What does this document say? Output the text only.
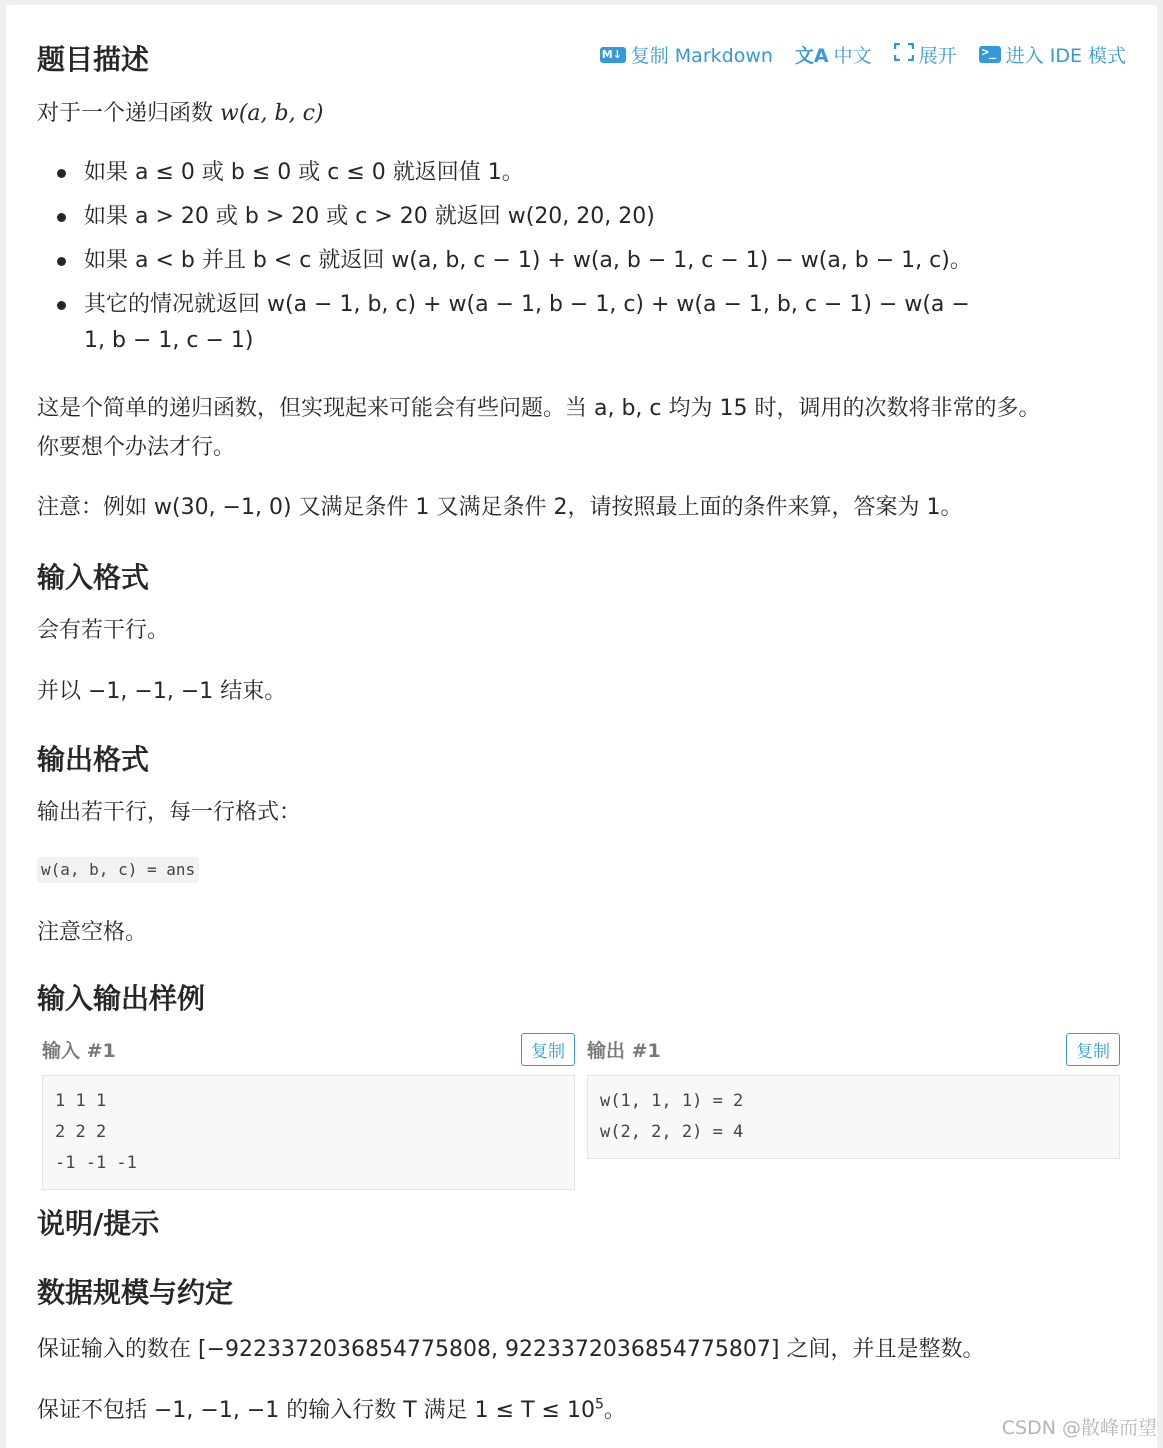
M↓ 复制 Markdown 文A 中文 展开 >_ 进入 IDE 模式
题目描述
对于一个递归函数 w(a, b, c)
如果 a ≤ 0 或 b ≤ 0 或 c ≤ 0 就返回值 1。
如果 a > 20 或 b > 20 或 c > 20 就返回 w(20, 20, 20)
如果 a < b 并且 b < c 就返回 w(a, b, c − 1) + w(a, b − 1, c − 1) − w(a, b − 1, c)。
其它的情况就返回 w(a − 1, b, c) + w(a − 1, b − 1, c) + w(a − 1, b, c − 1) − w(a −
1, b − 1, c − 1)
这是个简单的递归函数，但实现起来可能会有些问题。当 a, b, c 均为 15 时，调用的次数将非常的多。
你要想个办法才行。
注意：例如 w(30, −1, 0) 又满足条件 1 又满足条件 2，请按照最上面的条件来算，答案为 1。
输入格式
会有若干行。
并以 −1, −1, −1 结束。
输出格式
输出若干行，每一行格式：
w(a, b, c) = ans
注意空格。
输入输出样例
输入 #1	复制
1 1 1
2 2 2
-1 -1 -1
输出 #1	复制
w(1, 1, 1) = 2
w(2, 2, 2) = 4
说明/提示
数据规模与约定
保证输入的数在 [−9223372036854775808, 9223372036854775807] 之间，并且是整数。
保证不包括 −1, −1, −1 的输入行数 T 满足 $1 \le T \le 10^5$。
CSDN @散峰而望
